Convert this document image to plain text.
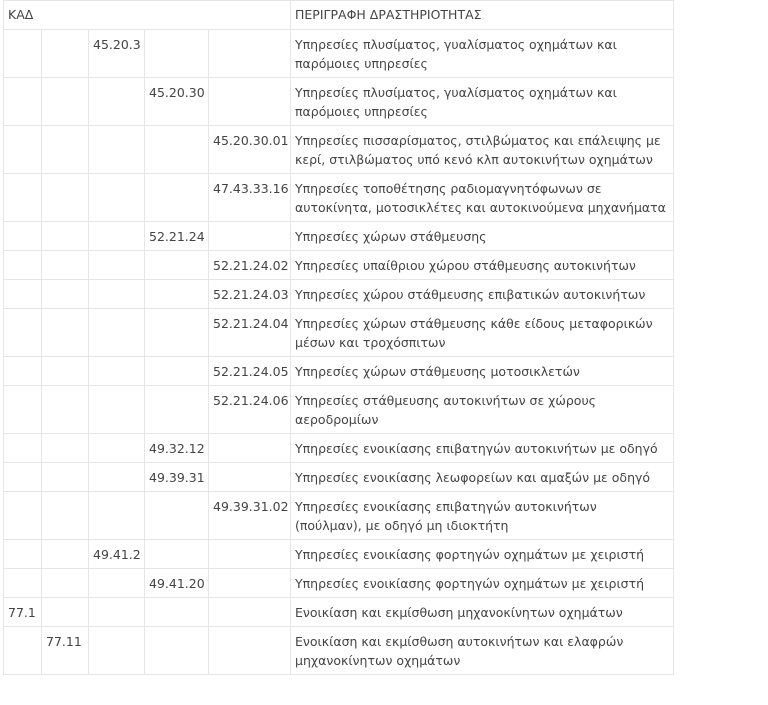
ΚΑΔ					ΠΕΡΙΓΡΑΦΗ ΔΡΑΣΤΗΡΙΟΤΗΤΑΣ
		45.20.3			Υπηρεσίες πλυσίματος, γυαλίσματος οχημάτων και παρόμοιες υπηρεσίες
			45.20.30		Υπηρεσίες πλυσίματος, γυαλίσματος οχημάτων και παρόμοιες υπηρεσίες
				45.20.30.01	Υπηρεσίες πισσαρίσματος, στιλβώματος και επάλειψης με κερί, στιλβώματος υπό κενό κλπ αυτοκινήτων οχημάτων
				47.43.33.16	Υπηρεσίες τοποθέτησης ραδιομαγνητόφωνων σε αυτοκίνητα, μοτοσικλέτες και αυτοκινούμενα μηχανήματα
			52.21.24		Υπηρεσίες χώρων στάθμευσης
				52.21.24.02	Υπηρεσίες υπαίθριου χώρου στάθμευσης αυτοκινήτων
				52.21.24.03	Υπηρεσίες χώρου στάθμευσης επιβατικών αυτοκινήτων
				52.21.24.04	Υπηρεσίες χώρων στάθμευσης κάθε είδους μεταφορικών μέσων και τροχόσπιτων
				52.21.24.05	Υπηρεσίες χώρων στάθμευσης μοτοσικλετών
				52.21.24.06	Υπηρεσίες στάθμευσης αυτοκινήτων σε χώρους αεροδρομίων
			49.32.12		Υπηρεσίες ενοικίασης επιβατηγών αυτοκινήτων με οδηγό
			49.39.31		Υπηρεσίες ενοικίασης λεωφορείων και αμαξών με οδηγό
				49.39.31.02	Υπηρεσίες ενοικίασης επιβατηγών αυτοκινήτων (πούλμαν), με οδηγό μη ιδιοκτήτη
		49.41.2			Υπηρεσίες ενοικίασης φορτηγών οχημάτων με χειριστή
			49.41.20		Υπηρεσίες ενοικίασης φορτηγών οχημάτων με χειριστή
77.1					Ενοικίαση και εκμίσθωση μηχανοκίνητων οχημάτων
	77.11				Ενοικίαση και εκμίσθωση αυτοκινήτων και ελαφρών μηχανοκίνητων οχημάτων
